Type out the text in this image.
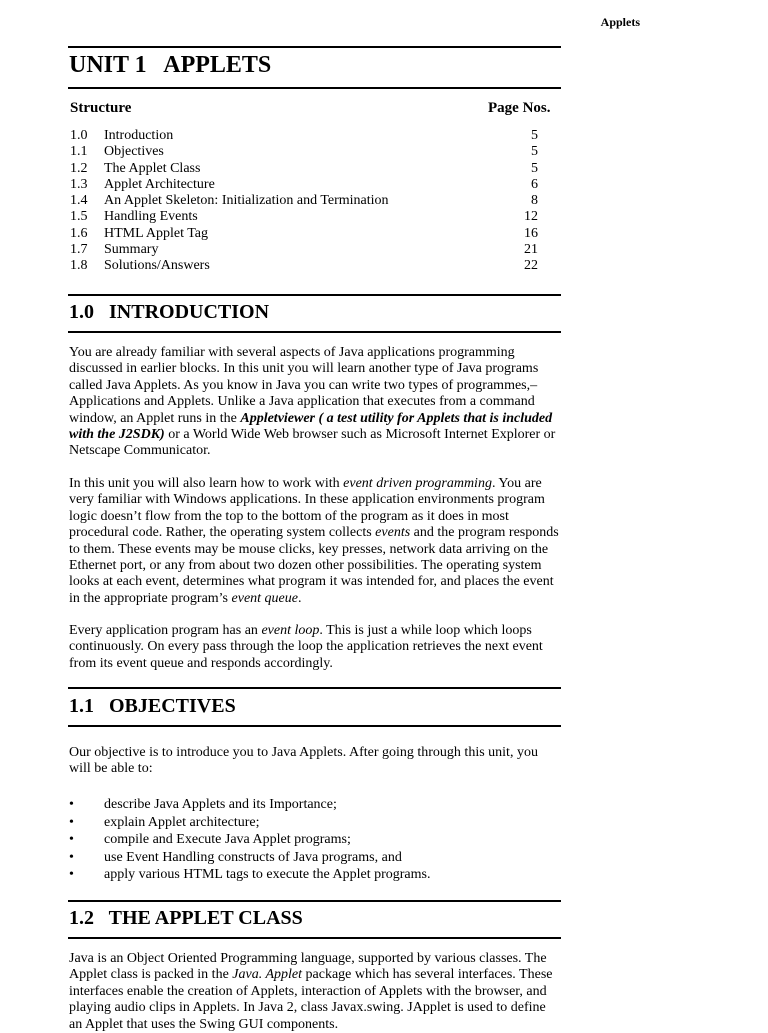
Applets
UNIT 1   APPLETS
Structure	Page Nos.
1.0 Introduction	5
1.1 Objectives	5
1.2 The Applet Class	5
1.3 Applet Architecture	6
1.4 An Applet Skeleton: Initialization and Termination	8
1.5 Handling Events	12
1.6 HTML Applet Tag	16
1.7 Summary	21
1.8 Solutions/Answers	22
1.0   INTRODUCTION

You are already familiar with several aspects of Java applications programming discussed in earlier blocks. In this unit you will learn another type of Java programs called Java Applets. As you know in Java you can write two types of programmes,– Applications and Applets. Unlike a Java application that executes from a command window, an Applet runs in the Appletviewer ( a test utility for Applets that is included with the J2SDK) or a World Wide Web browser such as Microsoft Internet Explorer or Netscape Communicator.

In this unit you will also learn how to work with event driven programming. You are very familiar with Windows applications. In these application environments program logic doesn’t flow from the top to the bottom of the program as it does in most procedural code. Rather, the operating system collects events and the program responds to them. These events may be mouse clicks, key presses, network data arriving on the Ethernet port, or any from about two dozen other possibilities. The operating system looks at each event, determines what program it was intended for, and places the event in the appropriate program’s event queue.

Every application program has an event loop. This is just a while loop which loops continuously. On every pass through the loop the application retrieves the next event from its event queue and responds accordingly.

1.1   OBJECTIVES

Our objective is to introduce you to Java Applets. After going through this unit, you will be able to:

• describe Java Applets and its Importance;
• explain Applet architecture;
• compile and Execute Java Applet programs;
• use Event Handling constructs of Java programs, and
• apply various HTML tags to execute the Applet programs.
1.2   THE APPLET CLASS

Java is an Object Oriented Programming language, supported by various classes. The Applet class is packed in the Java. Applet package which has several interfaces. These interfaces enable the creation of Applets, interaction of Applets with the browser, and playing audio clips in Applets. In Java 2, class Javax.swing. JApplet is used to define an Applet that uses the Swing GUI components.
